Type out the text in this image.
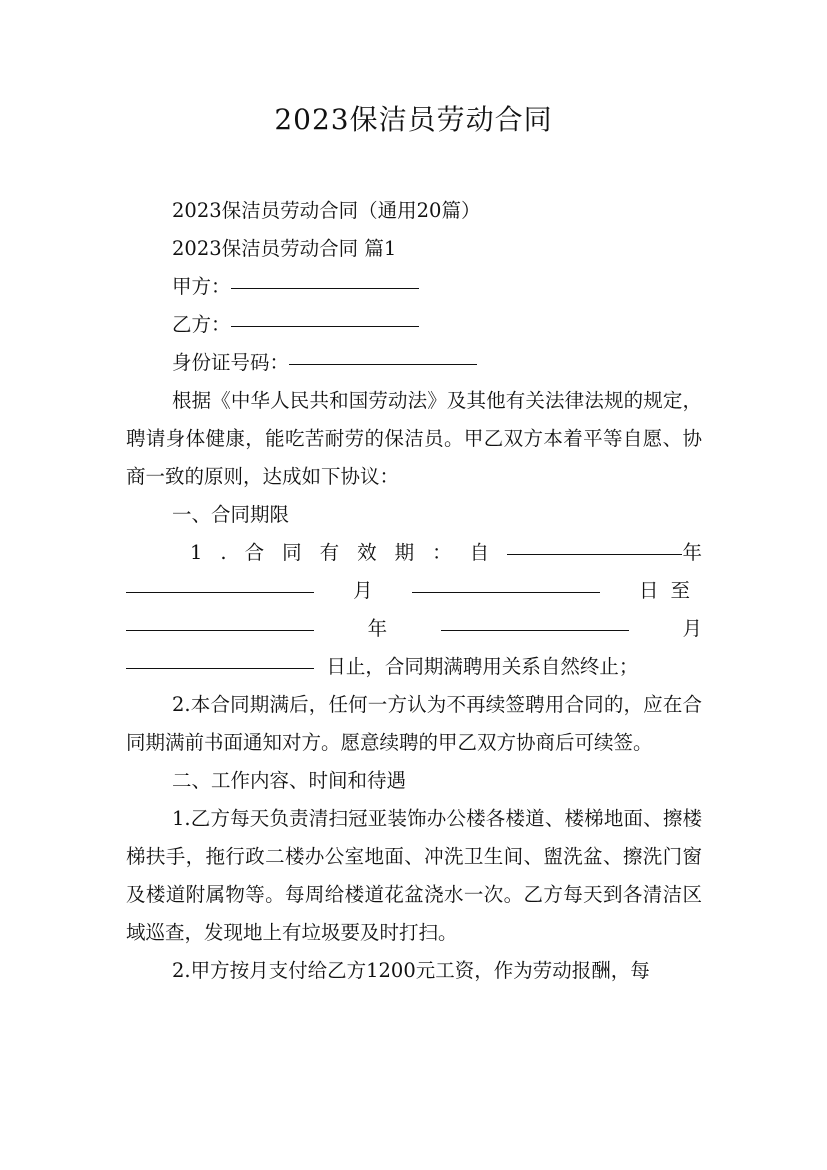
2023保洁员劳动合同

2023保洁员劳动合同（通用20篇）

2023保洁员劳动合同 篇1

甲方：

乙方：

身份证号码：

根据《中华人民共和国劳动法》及其他有关法律法规的规定，聘请身体健康，能吃苦耐劳的保洁员。甲乙双方本着平等自愿、协商一致的原则，达成如下协议：

一、合同期限

1.合同有效期：自	年
月	日至
年	月

日止，合同期满聘用关系自然终止；

2.本合同期满后，任何一方认为不再续签聘用合同的，应在合同期满前书面通知对方。愿意续聘的甲乙双方协商后可续签。

二、工作内容、时间和待遇

1.乙方每天负责清扫冠亚装饰办公楼各楼道、楼梯地面、擦楼梯扶手，拖行政二楼办公室地面、冲洗卫生间、盥洗盆、擦洗门窗及楼道附属物等。每周给楼道花盆浇水一次。乙方每天到各清洁区域巡查，发现地上有垃圾要及时打扫。

2.甲方按月支付给乙方1200元工资，作为劳动报酬，每
